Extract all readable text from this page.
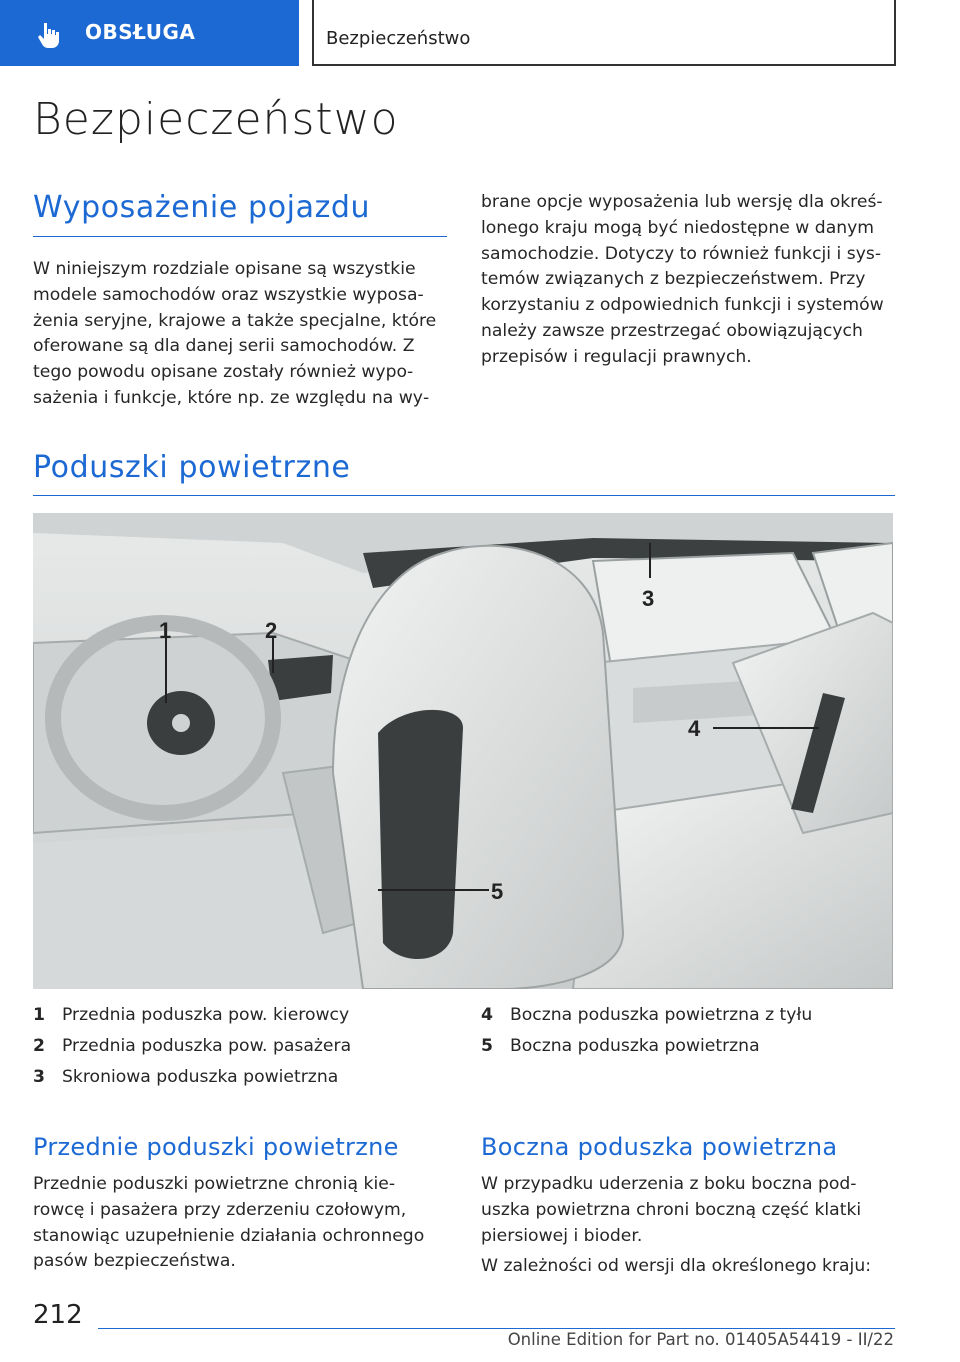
OBSŁUGA	Bezpieczeństwo
Bezpieczeństwo
Wyposażenie pojazdu
W niniejszym rozdziale opisane są wszystkie
modele samochodów oraz wszystkie wyposa‐
żenia seryjne, krajowe a także specjalne, które
oferowane są dla danej serii samochodów. Z
tego powodu opisane zostały również wypo‐
sażenia i funkcje, które np. ze względu na wy‐
brane opcje wyposażenia lub wersję dla okreś‐
lonego kraju mogą być niedostępne w danym
samochodzie. Dotyczy to również funkcji i sys‐
temów związanych z bezpieczeństwem. Przy
korzystaniu z odpowiednich funkcji i systemów
należy zawsze przestrzegać obowiązujących
przepisów i regulacji prawnych.
Poduszki powietrzne
1	2
3
4
5
1 Przednia poduszka pow. kierowcy
2 Przednia poduszka pow. pasażera
3 Skroniowa poduszka powietrzna
4 Boczna poduszka powietrzna z tyłu
5 Boczna poduszka powietrzna
Przednie poduszki powietrzne
Przednie poduszki powietrzne chronią kie‐
rowcę i pasażera przy zderzeniu czołowym,
stanowiąc uzupełnienie działania ochronnego
pasów bezpieczeństwa.
Boczna poduszka powietrzna
W przypadku uderzenia z boku boczna pod‐
uszka powietrzna chroni boczną część klatki
piersiowej i bioder.
W zależności od wersji dla określonego kraju:
212
Online Edition for Part no. 01405A54419 - II/22
